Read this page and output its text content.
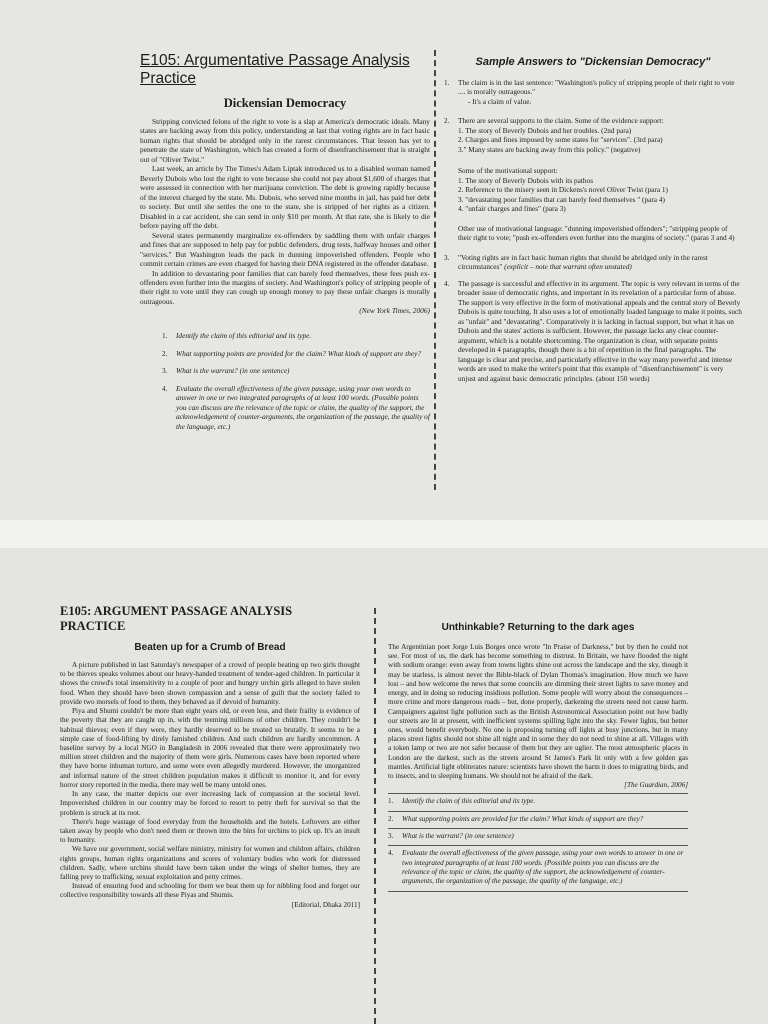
E105: Argumentative Passage Analysis Practice
Dickensian Democracy

Stripping convicted felons of the right to vote is a slap at America's democratic ideals. Many states are backing away from this policy, understanding at last that voting rights are in fact basic human rights that should be abridged only in the rarest circumstances. That lesson has yet to penetrate the state of Washington, which has created a form of disenfranchisement that is straight out of "Oliver Twist."

Last week, an article by The Times's Adam Liptak introduced us to a disabled woman named Beverly Dubois who lost the right to vote because she could not pay about $1,600 of charges that were assessed in connection with her marijuana conviction. The debt is growing rapidly because of the interest charged by the state. Ms. Dubois, who served nine months in jail, has paid her debt to society. But until she settles the one to the state, she is stripped of her rights as a citizen. Disabled in a car accident, she can send in only $10 per month. At that rate, she is likely to die before paying off the debt.

Several states permanently marginalize ex-offenders by saddling them with unfair charges and fines that are supposed to help pay for public defenders, drug tests, halfway houses and other "services." But Washington leads the pack in dunning impoverished offenders. People who commit certain crimes are even charged for having their DNA registered in the offender database.

In addition to devastating poor families that can barely feed themselves, these fees push ex-offenders even further into the margins of society. And Washington's policy of stripping people of their right to vote until they can cough up enough money to pay these unfair charges is morally outrageous.

(New York Times, 2006)
1.	Identify the claim of this editorial and its type.
2.	What supporting points are provided for the claim? What kinds of support are they?
3.	What is the warrant? (in one sentence)
4.	Evaluate the overall effectiveness of the given passage, using your own words to answer in one or two integrated paragraphs of at least 100 words. (Possible points you can discuss are the relevance of the topic or claim, the quality of the support, the acknowledgement of counter-arguments, the organization of the passage, the quality of the language, etc.)
Sample Answers to "Dickensian Democracy"
1.	The claim is in the last sentence: "Washington's policy of stripping people of their right to vote .... is morally outrageous."
- It's a claim of value.
2.	There are several supports to the claim. Some of the evidence support:
1. The story of Beverly Dubois and her troubles. (2nd para)
2. Charges and fines imposed by some states for "services". (3rd para)
3." Many states are backing away from this policy." (negative)
Some of the motivational support:
1. The story of Beverly Dubois with its pathos
2. Reference to the misery seen in Dickens's novel Oliver Twist (para 1)
3. "devastating poor families that can barely feed themselves " (para 4)
4. "unfair charges and fines" (para 3)
Other use of motivational language: "dunning impoverished offenders"; "stripping people of their right to vote; "push ex-offenders even further into the margins of society." (paras 3 and 4)
3.	"Voting rights are in fact basic human rights that should be abridged only in the rarest circumstances" (explicit – note that warrant often unstated)
4.	The passage is successful and effective in its argument. The topic is very relevant in terms of the broader issue of democratic rights, and important in its revelation of a particular form of abuse. The support is very effective in the form of motivational appeals and the central story of Beverly Dubois is quite touching. It also uses a lot of emotionally loaded language to make it points, such as "unfair" and "devastating". Comparatively it is lacking in factual support, but what it has on Dubois and the states' actions is sufficient. However, the passage lacks any clear counter-argument, which is a notable shortcoming. The organization is clear, with separate points developed in 4 paragraphs, though there is a bit of repetition in the final paragraphs. The language is clear and precise, and particularly effective in the way many powerful and intense words are used to make the writer's point that this example of "disenfranchisement" is very unjust and against basic democratic principles. (about 150 words)
E105: ARGUMENT PASSAGE ANALYSIS PRACTICE
Beaten up for a Crumb of Bread

A picture published in last Saturday's newspaper of a crowd of people beating up two girls thought to be thieves speaks volumes about our heavy-handed treatment of tender-aged children. In particular it shows the crowd's total insensitivity to a couple of poor and hungry urchin girls alleged to have stolen food. When they should have been shown compassion and a sense of guilt that the society failed to provide two morsels of food to them, they behaved as if devoid of humanity.

Piya and Shumi couldn't be more than eight years old, or even less, and their frailty is evidence of the poverty that they are caught up in, with the teeming millions of other children. They couldn't be habitual thieves; even if they were, they hardly deserved to be treated so brutally. It seems to be a simple case of food-lifting by direly famished children. And such children are hardly uncommon. A baseline survey by a local NGO in Bangladesh in 2006 revealed that there were approximately two million street children and the majority of them were girls. Numerous cases have been reported where they have borne inhuman torture, and some were even allegedly murdered. However, the unorganized and informal nature of the street children population makes it difficult to monitor it, and for every horror story reported in the media, there may well be many untold ones.

In any case, the matter depicts our ever increasing lack of compassion at the societal level. Impoverished children in our country may be forced to resort to petty theft for survival so that the problem is struck at its root.

There's huge wastage of food everyday from the households and the hotels. Leftovers are either taken away by people who don't need them or thrown into the bins for urchins to pick up. It's an insult to humanity.

We have our government, social welfare ministry, ministry for women and children affairs, children rights groups, human rights organizations and scores of voluntary bodies who work for distressed children. Sadly, where urchins should have been taken under the wings of shelter homes, they are falling prey to trafficking, sexual exploitation and petty crimes.

Instead of ensuring food and schooling for them we beat them up for nibbling food and forget our collective responsibility towards all these Piyas and Shumis.

[Editorial, Dhaka 2011]
Unthinkable? Returning to the dark ages

The Argentinian poet Jorge Luis Borges once wrote "In Praise of Darkness," but by then he could not see. For most of us, the dark has become something to distrust. In Britain, we have flooded the night with sodium orange: even away from towns lights shine out across the landscape and the sky, though it may be starless, is almost never the Bible-black of Dylan Thomas's imagination. How much we have lost – and how welcome the news that some councils are dimming their street lights to save money and energy, and in doing so reducing insidious pollution. Some people will worry about the consequences – more crime and more dangerous roads – but, done properly, darkening the streets need not cause harm. Campaigners against light pollution such as the British Astronomical Association point out how badly our streets are lit at present, with inefficient systems spilling light into the sky. Fewer lights, but better ones, would benefit everybody. No one is proposing turning off lights at busy junctions, but in many places street lights should not shine all night and in some they do not need to shine at all. Villages with a token lamp or two are not safer because of them but they are uglier. The most atmospheric places in London are the darkest, such as the streets around St James's Park lit only with a few golden gas mantles. Artificial light obliterates nature: scientists have shown the harm it does to migrating birds, and to insects, and to sleeping humans. We should not be afraid of the dark.

[The Guardian, 2006]
1.	Identify the claim of this editorial and its type.
2.	What supporting points are provided for the claim? What kinds of support are they?
3.	What is the warrant? (in one sentence)
4.	Evaluate the overall effectiveness of the given passage, using your own words to answer in one or two integrated paragraphs of at least 100 words. (Possible points you can discuss are the relevance of the topic or claim, the quality of the support, the acknowledgement of counter-arguments, the organization of the passage, the quality of the language, etc.)
